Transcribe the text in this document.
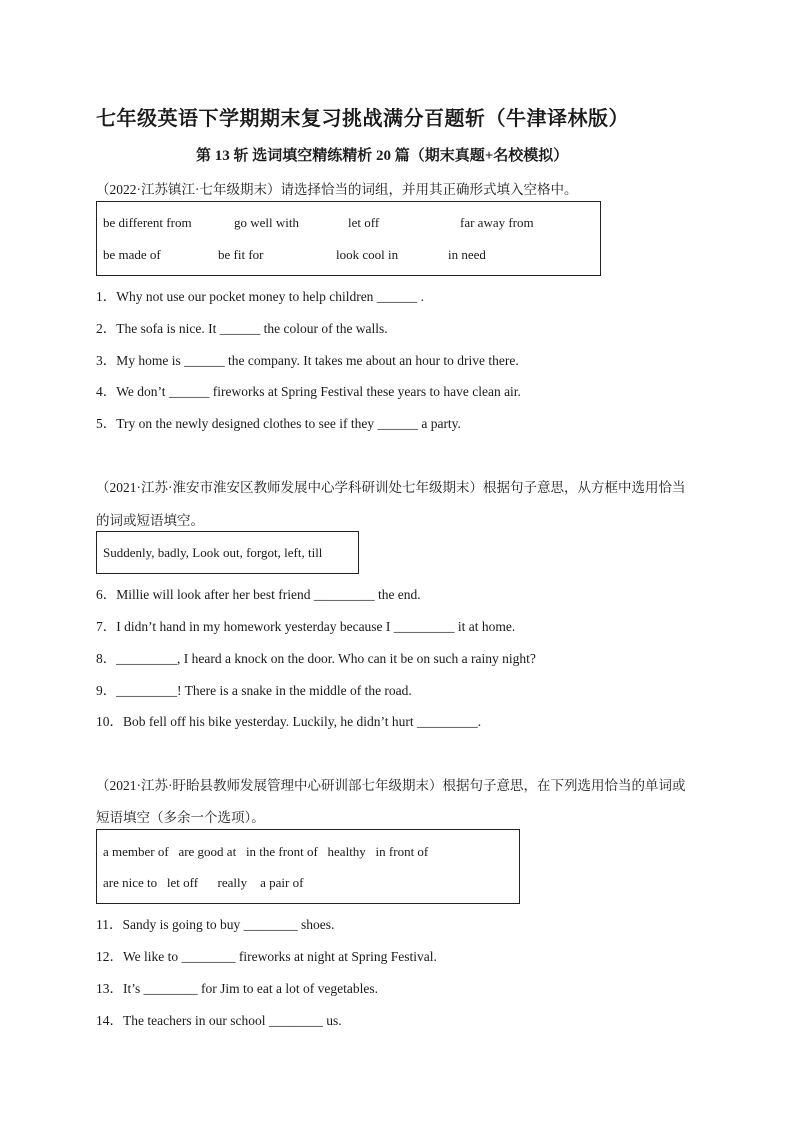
七年级英语下学期期末复习挑战满分百题斩（牛津译林版）
第 13 斩 选词填空精练精析 20 篇（期末真题+名校模拟）
（2022·江苏镇江·七年级期末）请选择恰当的词组，并用其正确形式填入空格中。
be different from	go well with	let off	far away from
be made of	be fit for	look cool in	in need
1．Why not use our pocket money to help children ______ .
2．The sofa is nice. It ______ the colour of the walls.
3．My home is ______ the company. It takes me about an hour to drive there.
4．We don’t ______ fireworks at Spring Festival these years to have clean air.
5．Try on the newly designed clothes to see if they ______ a party.
（2021·江苏·淮安市淮安区教师发展中心学科研训处七年级期末）根据句子意思，从方框中选用恰当
的词或短语填空。
Suddenly, badly, Look out, forgot, left, till
6．Millie will look after her best friend _________ the end.
7．I didn’t hand in my homework yesterday because I _________ it at home.
8．_________, I heard a knock on the door. Who can it be on such a rainy night?
9．_________! There is a snake in the middle of the road.
10．Bob fell off his bike yesterday. Luckily, he didn’t hurt _________.
（2021·江苏·盱眙县教师发展管理中心研训部七年级期末）根据句子意思，在下列选用恰当的单词或
短语填空（多余一个选项）。
a member of   are good at   in the front of   healthy   in front of
are nice to   let off      really    a pair of
11．Sandy is going to buy ________ shoes.
12．We like to ________ fireworks at night at Spring Festival.
13．It’s ________ for Jim to eat a lot of vegetables.
14．The teachers in our school ________ us.
